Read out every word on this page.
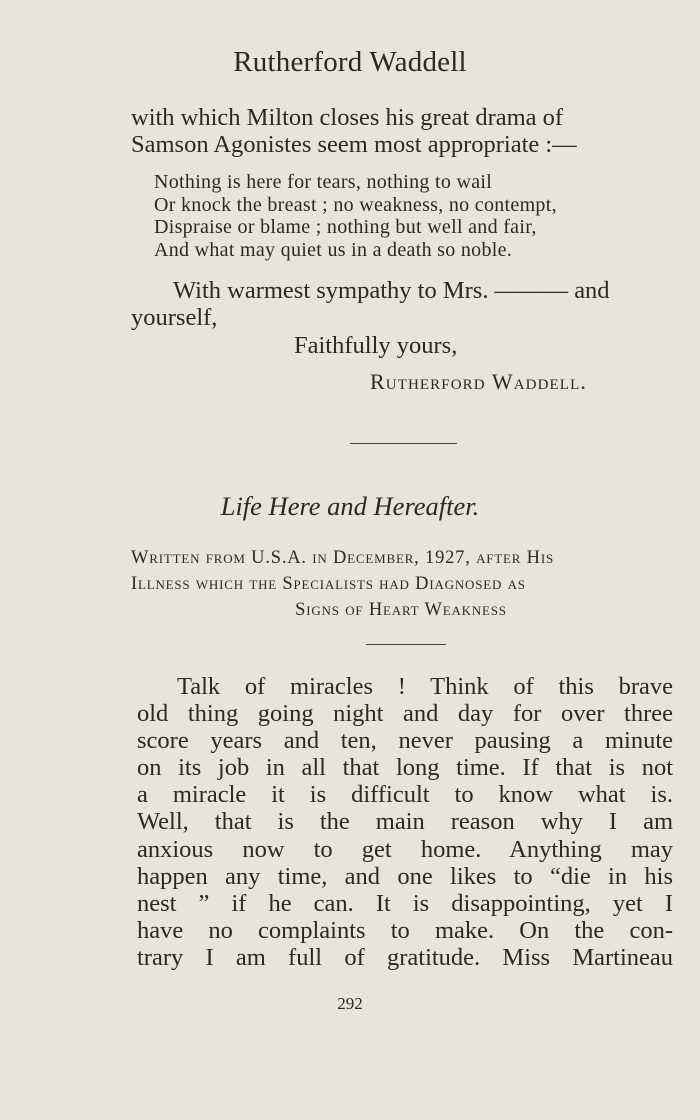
Rutherford Waddell
with which Milton closes his great drama of
Samson Agonistes seem most appropriate :—
Nothing is here for tears, nothing to wail
Or knock the breast ; no weakness, no contempt,
Dispraise or blame ; nothing but well and fair,
And what may quiet us in a death so noble.
With warmest sympathy to Mrs. ——— and
yourself,
Faithfully yours,
Rutherford Waddell.
Life Here and Hereafter.
Written from U.S.A. in December, 1927, after His
Illness which the Specialists had Diagnosed as
Signs of Heart Weakness
Talk of miracles ! Think of this brave
old thing going night and day for over three
score years and ten, never pausing a minute
on its job in all that long time. If that is not
a miracle it is difficult to know what is.
Well, that is the main reason why I am
anxious now to get home. Anything may
happen any time, and one likes to “die in his
nest ” if he can. It is disappointing, yet I
have no complaints to make. On the con-
trary I am full of gratitude. Miss Martineau
292
